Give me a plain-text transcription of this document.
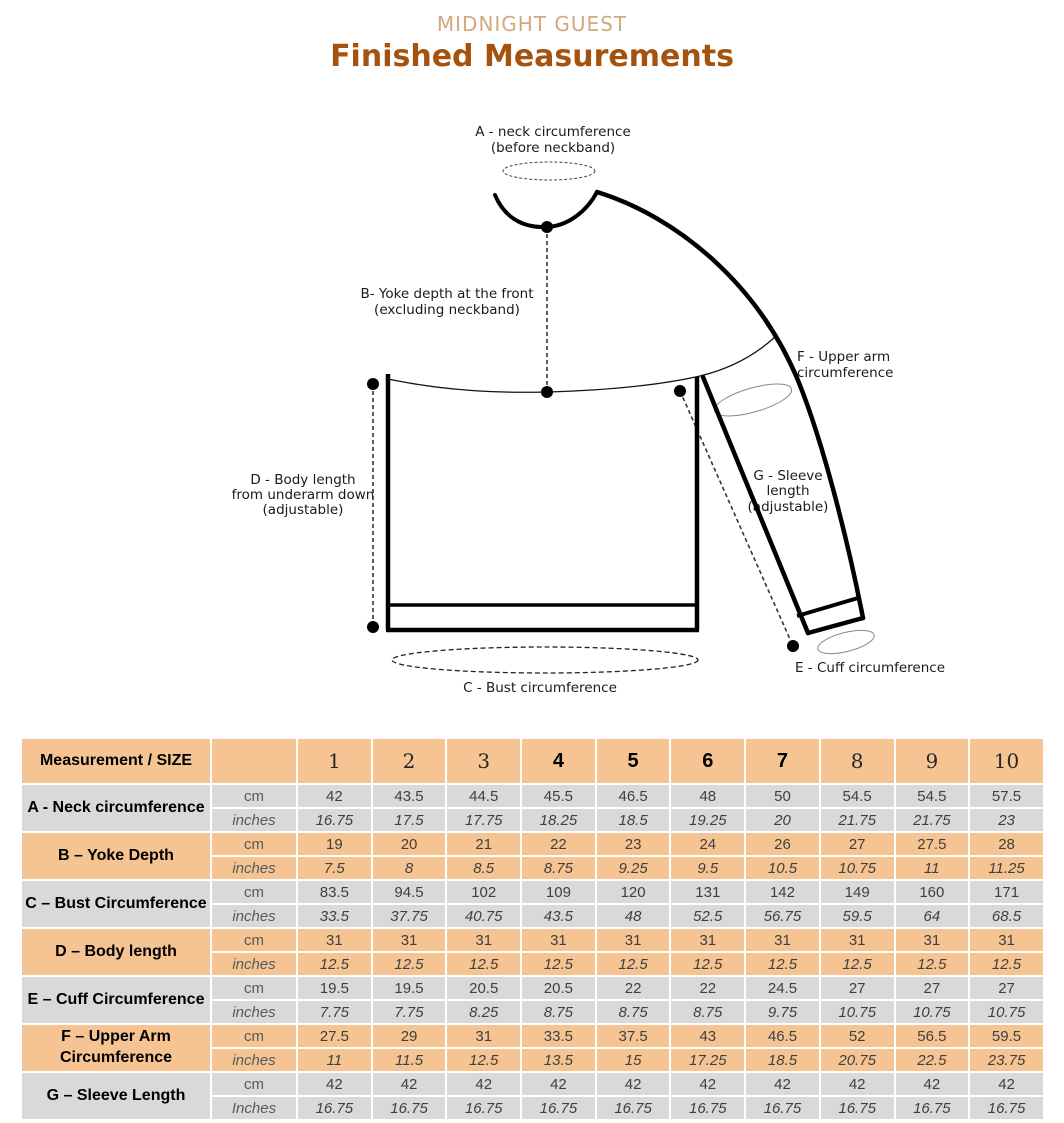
MIDNIGHT GUEST
Finished Measurements
A - neck circumference
(before neckband)
B- Yoke depth at the front
(excluding neckband)
D - Body length
from underarm down
(adjustable)
F - Upper arm
circumference
G - Sleeve
length
(adjustable)
E - Cuff circumference
C - Bust circumference
Measurement / SIZE		1	2	3	4	5	6	7	8	9	10
A - Neck circumference	cm	42	43.5	44.5	45.5	46.5	48	50	54.5	54.5	57.5
	inches	16.75	17.5	17.75	18.25	18.5	19.25	20	21.75	21.75	23
B – Yoke Depth	cm	19	20	21	22	23	24	26	27	27.5	28
	inches	7.5	8	8.5	8.75	9.25	9.5	10.5	10.75	11	11.25
C – Bust Circumference	cm	83.5	94.5	102	109	120	131	142	149	160	171
	inches	33.5	37.75	40.75	43.5	48	52.5	56.75	59.5	64	68.5
D – Body length	cm	31	31	31	31	31	31	31	31	31	31
	inches	12.5	12.5	12.5	12.5	12.5	12.5	12.5	12.5	12.5	12.5
E – Cuff Circumference	cm	19.5	19.5	20.5	20.5	22	22	24.5	27	27	27
	inches	7.75	7.75	8.25	8.75	8.75	8.75	9.75	10.75	10.75	10.75
F – Upper Arm Circumference	cm	27.5	29	31	33.5	37.5	43	46.5	52	56.5	59.5
	inches	11	11.5	12.5	13.5	15	17.25	18.5	20.75	22.5	23.75
G – Sleeve Length	cm	42	42	42	42	42	42	42	42	42	42
	Inches	16.75	16.75	16.75	16.75	16.75	16.75	16.75	16.75	16.75	16.75
